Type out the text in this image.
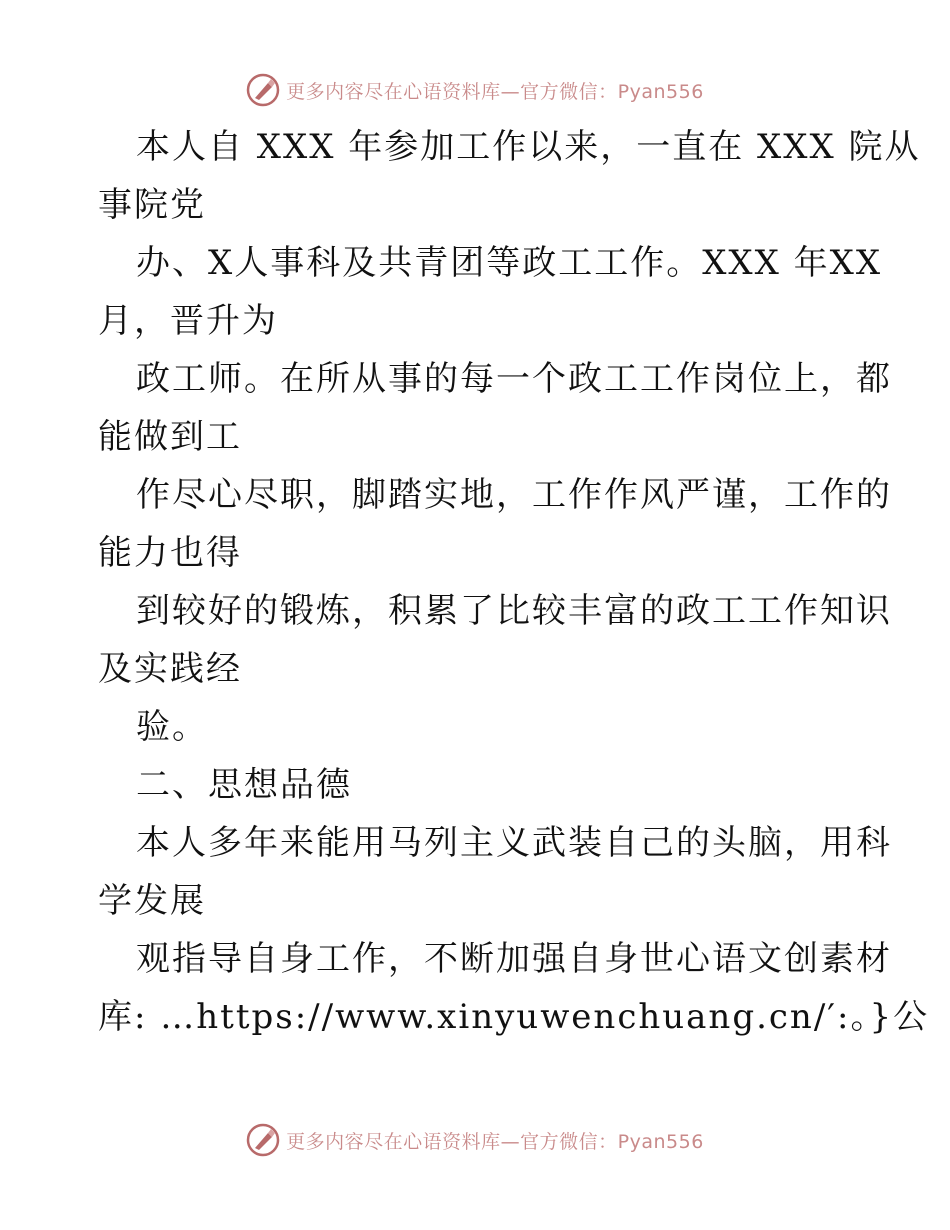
更多内容尽在心语资料库—官方微信：Pyan556
本人自 XXX 年参加工作以来，一直在 XXX 院从
事院党
办、X人事科及共青团等政工工作。XXX 年XX
月，晋升为
政工师。在所从事的每一个政工工作岗位上，都
能做到工
作尽心尽职，脚踏实地，工作作风严谨，工作的
能力也得
到较好的锻炼，积累了比较丰富的政工工作知识
及实践经
验。
二、思想品德
本人多年来能用马列主义武装自己的头脑，用科
学发展
观指导自身工作，不断加强自身世心语文创素材
库: …https://www.xinyuwenchuang.cn/′:。}公
更多内容尽在心语资料库—官方微信：Pyan556
